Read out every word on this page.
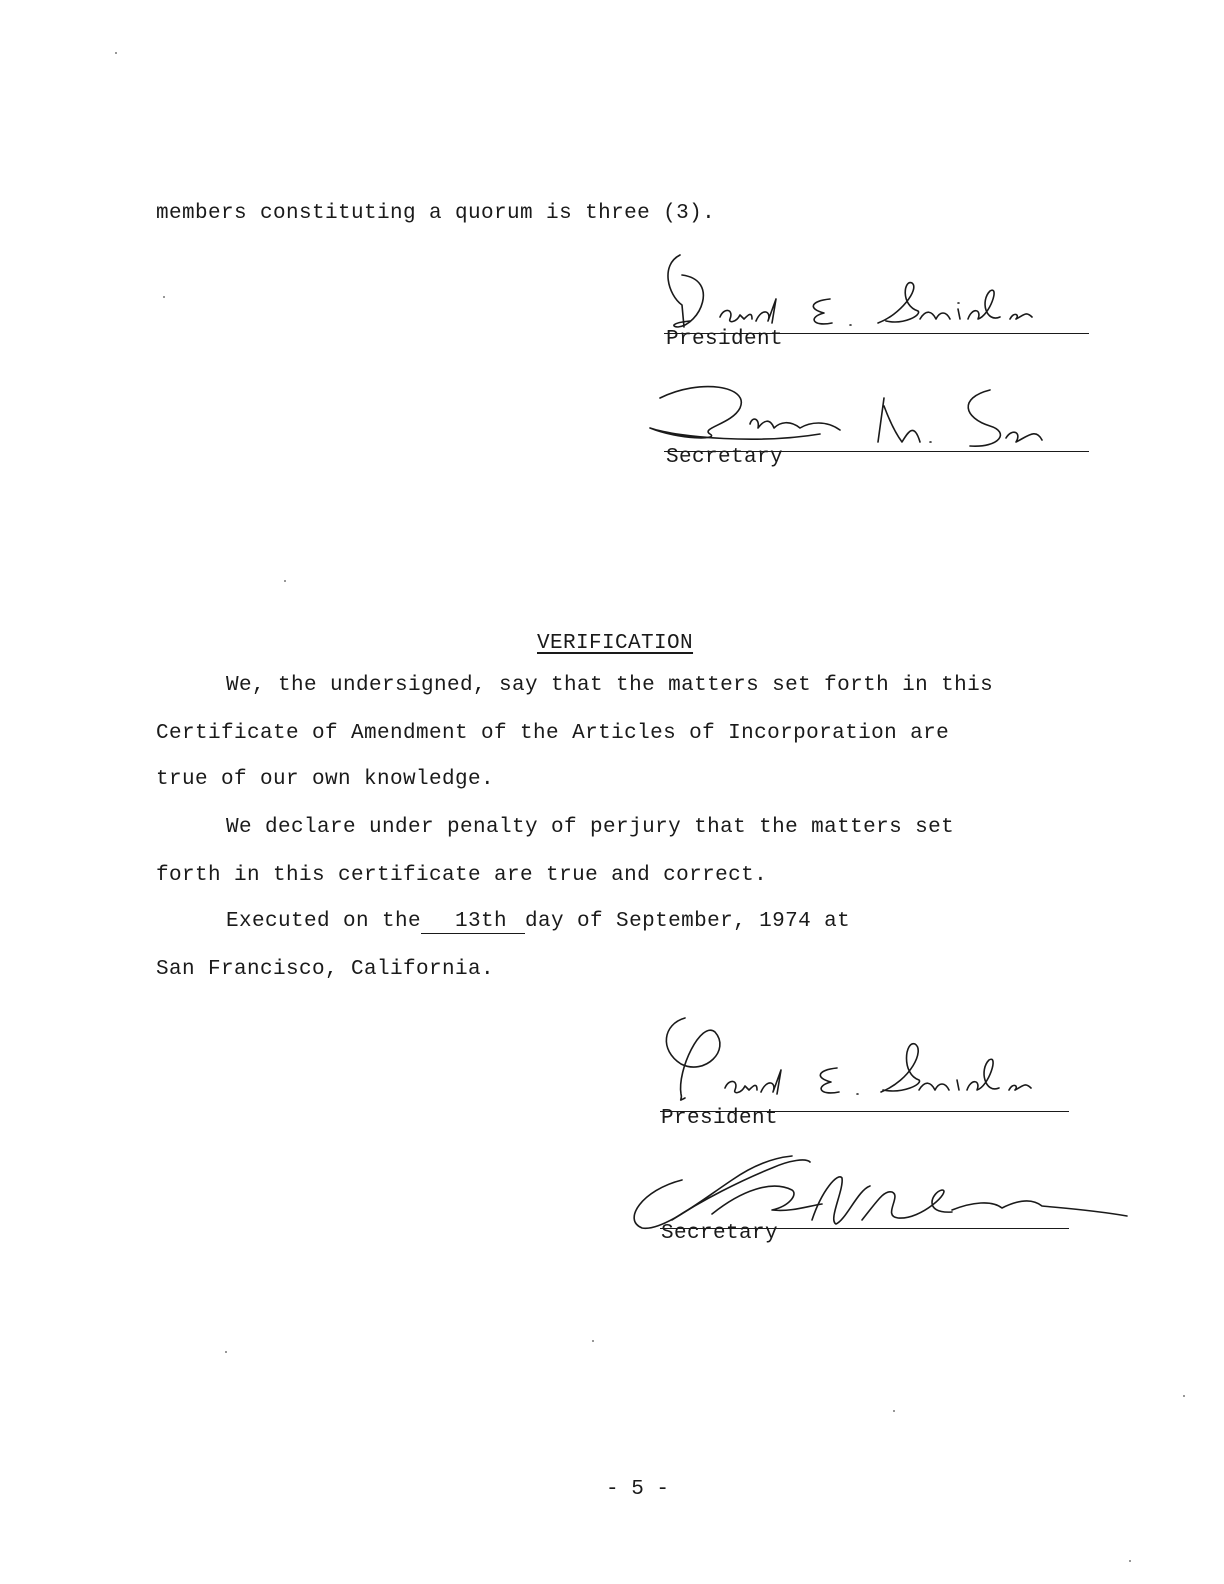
members constituting a quorum is three (3).
President
Secretary
VERIFICATION
We, the undersigned, say that the matters set forth in this
Certificate of Amendment of the Articles of Incorporation are
true of our own knowledge.
We declare under penalty of perjury that the matters set
forth in this certificate are true and correct.
Executed on the 13th day of September, 1974 at
San Francisco, California.
President
Secretary
- 5 -
